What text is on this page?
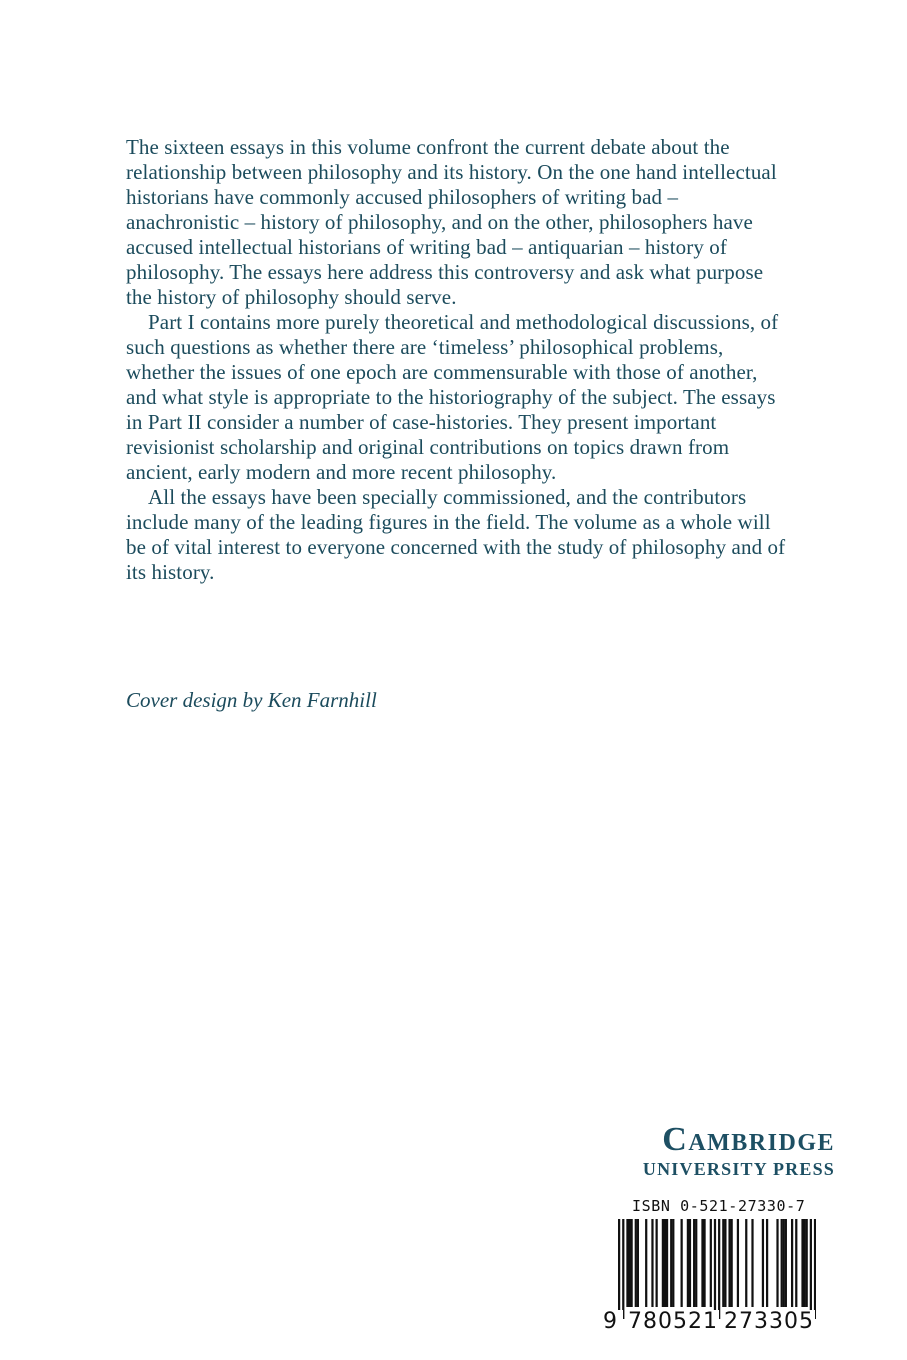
The sixteen essays in this volume confront the current debate about the relationship between philosophy and its history. On the one hand intellectual historians have commonly accused philosophers of writing bad – anachronistic – history of philosophy, and on the other, philosophers have accused intellectual historians of writing bad – antiquarian – history of philosophy. The essays here address this controversy and ask what purpose the history of philosophy should serve.

Part I contains more purely theoretical and methodological discussions, of such questions as whether there are ‘timeless’ philosophical problems, whether the issues of one epoch are commensurable with those of another, and what style is appropriate to the historiography of the subject. The essays in Part II consider a number of case-histories. They present important revisionist scholarship and original contributions on topics drawn from ancient, early modern and more recent philosophy.

All the essays have been specially commissioned, and the contributors include many of the leading figures in the field. The volume as a whole will be of vital interest to everyone concerned with the study of philosophy and of its history.

Cover design by Ken Farnhill
Cambridge
UNIVERSITY PRESS
ISBN 0-521-27330-7
9 780521 273305
